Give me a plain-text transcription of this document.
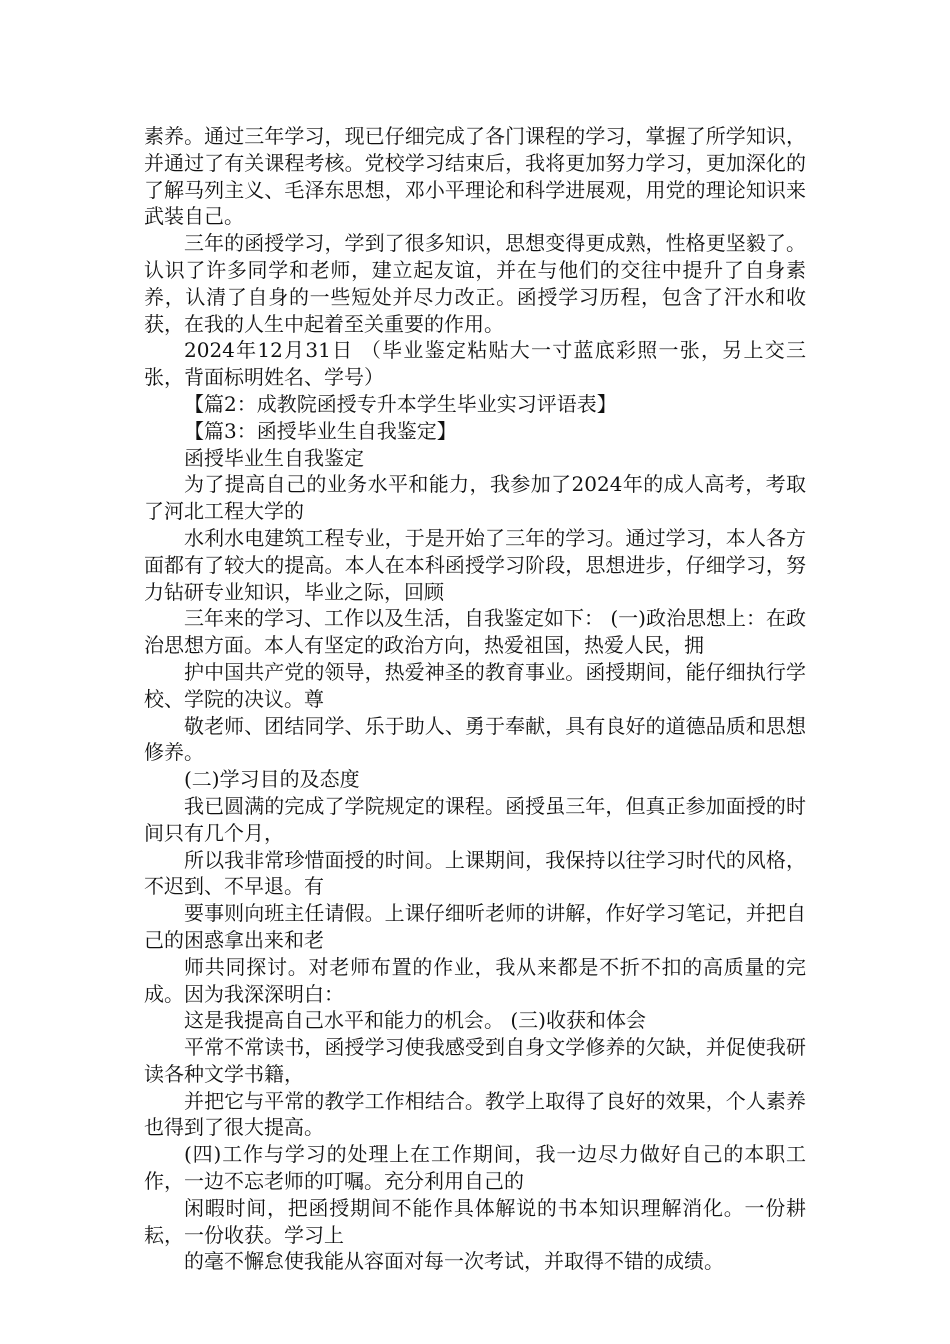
素养。通过三年学习，现已仔细完成了各门课程的学习，掌握了所学知识，并通过了有关课程考核。党校学习结束后，我将更加努力学习，更加深化的了解马列主义、毛泽东思想，邓小平理论和科学进展观，用党的理论知识来武装自己。

三年的函授学习，学到了很多知识，思想变得更成熟，性格更坚毅了。认识了许多同学和老师，建立起友谊，并在与他们的交往中提升了自身素养，认清了自身的一些短处并尽力改正。函授学习历程，包含了汗水和收获，在我的人生中起着至关重要的作用。

2024年12月31日 （毕业鉴定粘贴大一寸蓝底彩照一张，另上交三张，背面标明姓名、学号）

【篇2：成教院函授专升本学生毕业实习评语表】

【篇3：函授毕业生自我鉴定】

函授毕业生自我鉴定

为了提高自己的业务水平和能力，我参加了2024年的成人高考，考取了河北工程大学的

水利水电建筑工程专业，于是开始了三年的学习。通过学习，本人各方面都有了较大的提高。本人在本科函授学习阶段，思想进步，仔细学习，努力钻研专业知识，毕业之际，回顾

三年来的学习、工作以及生活，自我鉴定如下： (一)政治思想上：在政治思想方面。本人有坚定的政治方向，热爱祖国，热爱人民，拥

护中国共产党的领导，热爱神圣的教育事业。函授期间，能仔细执行学校、学院的决议。尊

敬老师、团结同学、乐于助人、勇于奉献，具有良好的道德品质和思想修养。

(二)学习目的及态度

我已圆满的完成了学院规定的课程。函授虽三年，但真正参加面授的时间只有几个月，

所以我非常珍惜面授的时间。上课期间，我保持以往学习时代的风格，不迟到、不早退。有

要事则向班主任请假。上课仔细听老师的讲解，作好学习笔记，并把自己的困惑拿出来和老

师共同探讨。对老师布置的作业，我从来都是不折不扣的高质量的完成。因为我深深明白：

这是我提高自己水平和能力的机会。 (三)收获和体会

平常不常读书，函授学习使我感受到自身文学修养的欠缺，并促使我研读各种文学书籍，

并把它与平常的教学工作相结合。教学上取得了良好的效果，个人素养也得到了很大提高。

(四)工作与学习的处理上在工作期间，我一边尽力做好自己的本职工作，一边不忘老师的叮嘱。充分利用自己的

闲暇时间，把函授期间不能作具体解说的书本知识理解消化。一份耕耘，一份收获。学习上

的毫不懈怠使我能从容面对每一次考试，并取得不错的成绩。
